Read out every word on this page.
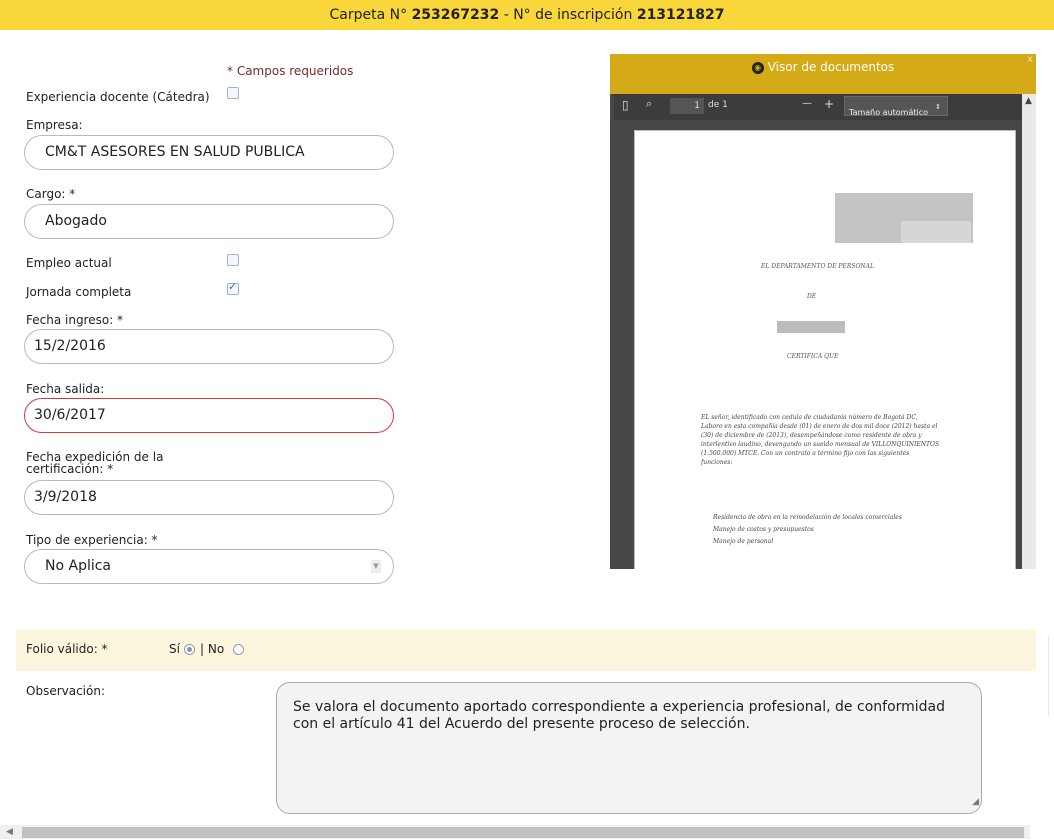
Carpeta N° 253267232 - N° de inscripción 213121827
* Campos requeridos
Experiencia docente (Cátedra)
Empresa:
CM&T ASESORES EN SALUD PUBLICA
Cargo: *
Abogado
Empleo actual
Jornada completa
✓
Fecha ingreso: *
15/2/2016
Fecha salida:
30/6/2017
Fecha expedición de la
certificación: *
3/9/2018
Tipo de experiencia: *
No Aplica	▼
◉ Visor de documentos
x
▯ ⌕	1 de 1	— +
Tamaño automático
⇕
▲
EL DEPARTAMENTO DE PERSONAL
DE
CERTIFICA QUE
EL señor, identificado con cedula de ciudadanía número de Bogotá DC, Laboro en esta compañía desde (01) de enero de dos mil doce (2012) hasta el (30) de diciembre de (2013), desempeñándose como residente de obra y interlentivo laudino, devengando un sueldo mensual de VILLONQUINIENTOS (1.500.000) MTCE. Con un contrato a término fijo con las siguientes funciones:
Residencia de obra en la remodelación de locales comerciales
Manejo de costos y presupuestos
Manejo de personal
Folio válido: *	Sí | No
Observación:
Se valora el documento aportado correspondiente a experiencia profesional, de conformidad con el artículo 41 del Acuerdo del presente proceso de selección.
◢
◀
